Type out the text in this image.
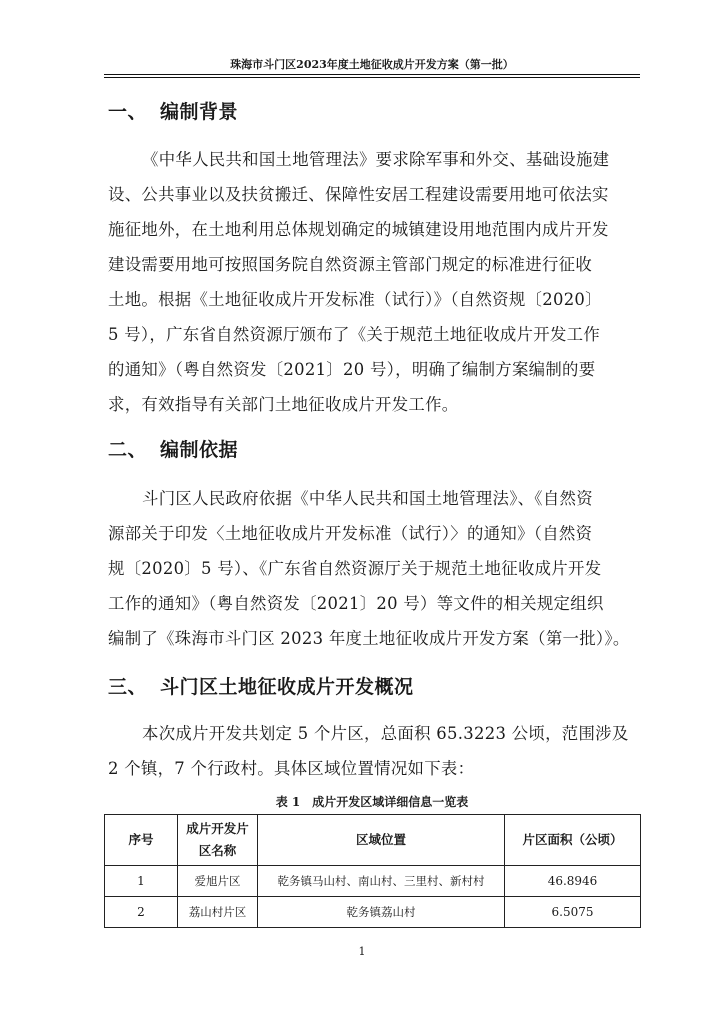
珠海市斗门区2023年度土地征收成片开发方案（第一批）
一、 编制背景
《中华人民共和国土地管理法》要求除军事和外交、基础设施建
设、公共事业以及扶贫搬迁、保障性安居工程建设需要用地可依法实
施征地外，在土地利用总体规划确定的城镇建设用地范围内成片开发
建设需要用地可按照国务院自然资源主管部门规定的标准进行征收
土地。根据《土地征收成片开发标准（试行）》（自然资规〔2020〕
5 号），广东省自然资源厅颁布了《关于规范土地征收成片开发工作
的通知》（粤自然资发〔2021〕20 号），明确了编制方案编制的要
求，有效指导有关部门土地征收成片开发工作。
二、 编制依据
斗门区人民政府依据《中华人民共和国土地管理法》、《自然资
源部关于印发〈土地征收成片开发标准（试行）〉的通知》（自然资
规〔2020〕5 号）、《广东省自然资源厅关于规范土地征收成片开发
工作的通知》（粤自然资发〔2021〕20 号）等文件的相关规定组织
编制了《珠海市斗门区 2023 年度土地征收成片开发方案（第一批）》。
三、 斗门区土地征收成片开发概况
本次成片开发共划定 5 个片区，总面积 65.3223 公顷，范围涉及
2 个镇，7 个行政村。具体区域位置情况如下表：
表 1　成片开发区域详细信息一览表
序号	成片开发片
区名称	区域位置	片区面积（公顷）
1	爱旭片区	乾务镇马山村、南山村、三里村、新村村	46.8946
2	荔山村片区	乾务镇荔山村	6.5075
1
